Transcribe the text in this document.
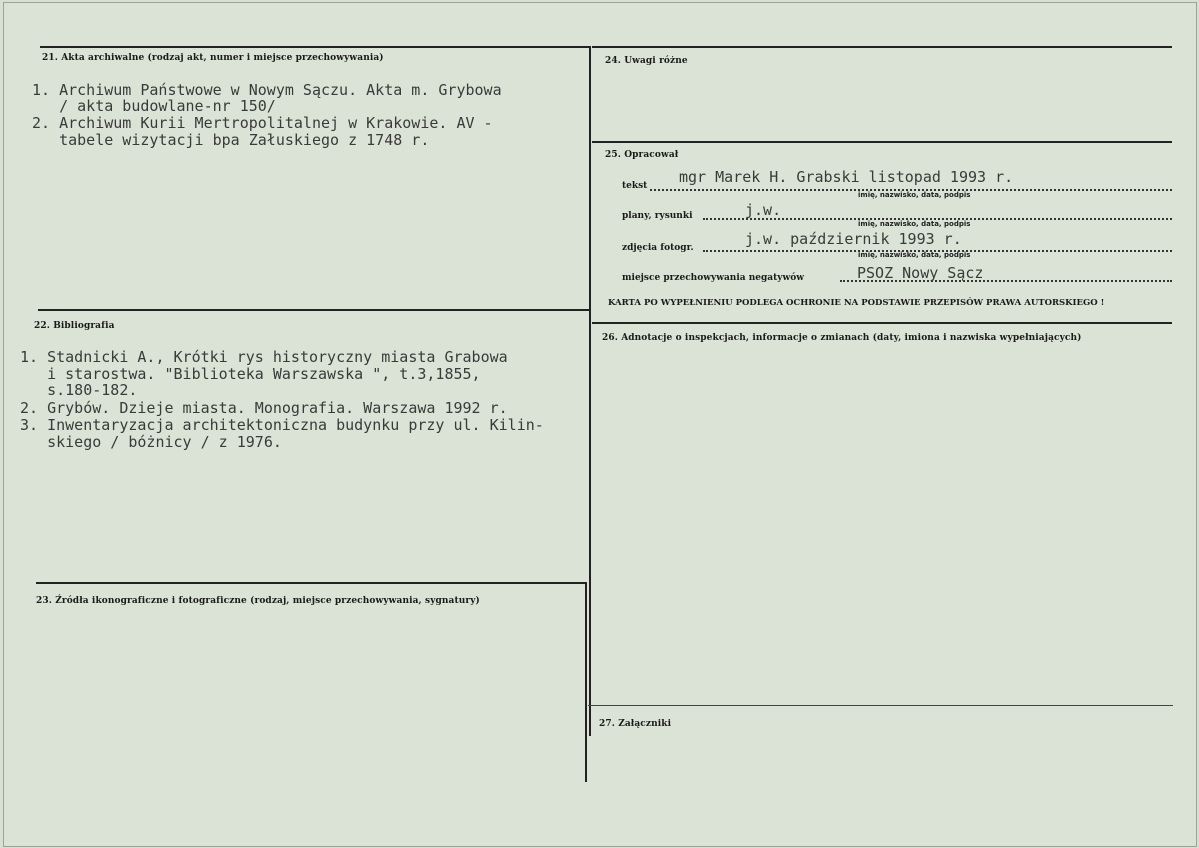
21. Akta archiwalne (rodzaj akt, numer i miejsce przechowywania)
1. Archiwum Państwowe w Nowym Sączu. Akta m. Grybowa
/ akta budowlane-nr 150/
2. Archiwum Kurii Mertropolitalnej w Krakowie. AV -
tabele wizytacji bpa Załuskiego z 1748 r.
22. Bibliografia
1. Stadnicki A., Krótki rys historyczny miasta Grabowa
i starostwa. "Biblioteka Warszawska ", t.3,1855,
s.180-182.
2. Grybów. Dzieje miasta. Monografia. Warszawa 1992 r.
3. Inwentaryzacja architektoniczna budynku przy ul. Kilin-
skiego / bóżnicy / z 1976.
23. Źródła ikonograficzne i fotograficzne (rodzaj, miejsce przechowywania, sygnatury)
24. Uwagi różne
25. Opracował
tekst mgr Marek H. Grabski listopad 1993 r.
imię, nazwisko, data, podpis
plany, rysunki	j.w.
imię, nazwisko, data, podpis
zdjęcia fotogr.	j.w. październik 1993 r.
imię, nazwisko, data, podpis
miejsce przechowywania negatywów	PSOZ Nowy Sącz
KARTA PO WYPEŁNIENIU PODLEGA OCHRONIE NA PODSTAWIE PRZEPISÓW PRAWA AUTORSKIEGO !
26. Adnotacje o inspekcjach, informacje o zmianach (daty, imiona i nazwiska wypełniających)
27. Załączniki
